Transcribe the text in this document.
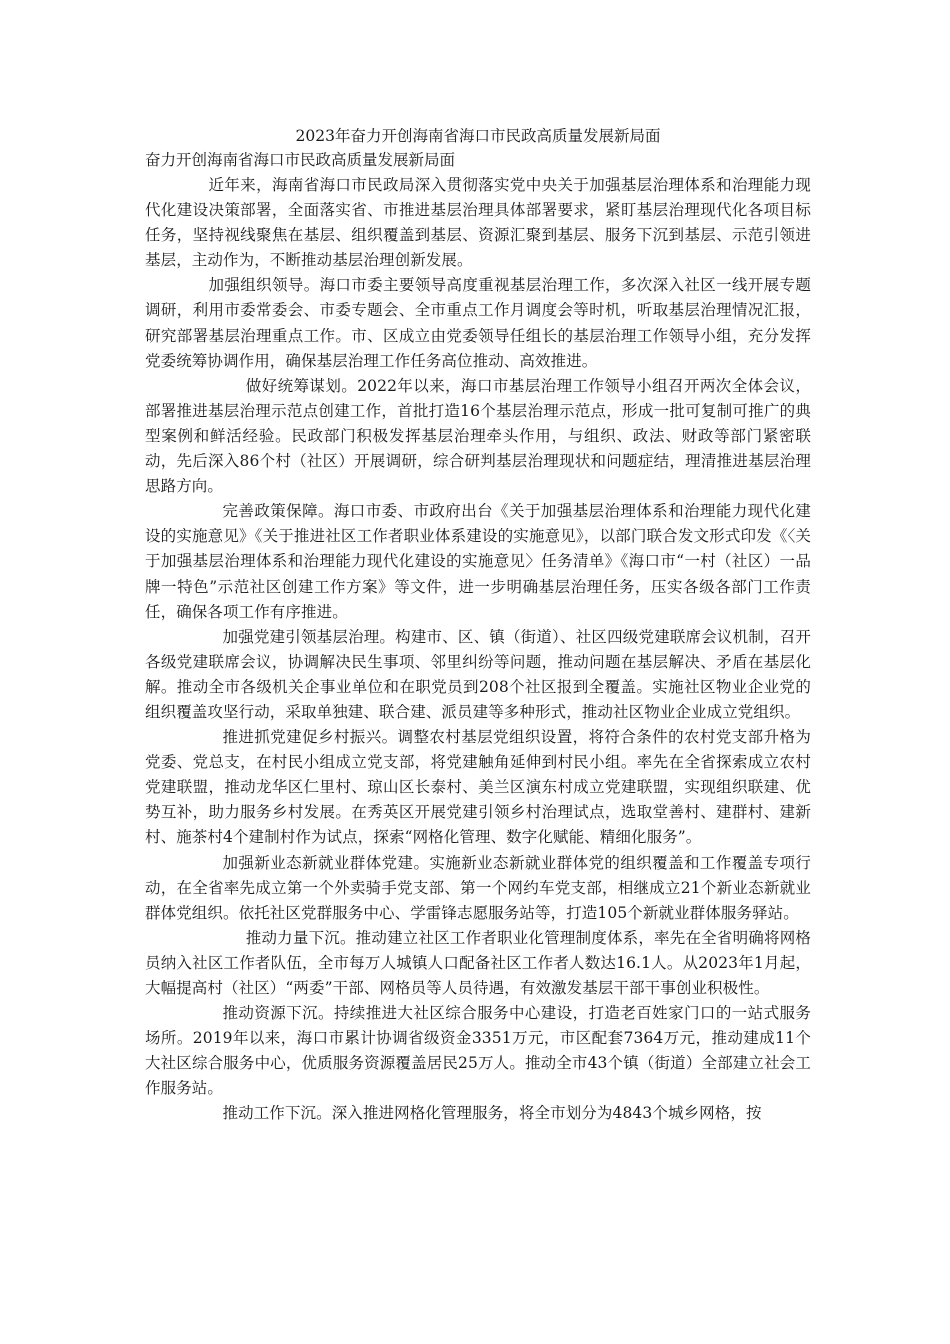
2023年奋力开创海南省海口市民政高质量发展新局面
奋力开创海南省海口市民政高质量发展新局面

近年来，海南省海口市民政局深入贯彻落实党中央关于加强基层治理体系和治理能力现代化建设决策部署，全面落实省、市推进基层治理具体部署要求，紧盯基层治理现代化各项目标任务，坚持视线聚焦在基层、组织覆盖到基层、资源汇聚到基层、服务下沉到基层、示范引领进基层，主动作为，不断推动基层治理创新发展。

加强组织领导。海口市委主要领导高度重视基层治理工作，多次深入社区一线开展专题调研，利用市委常委会、市委专题会、全市重点工作月调度会等时机，听取基层治理情况汇报，研究部署基层治理重点工作。市、区成立由党委领导任组长的基层治理工作领导小组，充分发挥党委统筹协调作用，确保基层治理工作任务高位推动、高效推进。

做好统筹谋划。2022年以来，海口市基层治理工作领导小组召开两次全体会议，部署推进基层治理示范点创建工作，首批打造16个基层治理示范点，形成一批可复制可推广的典型案例和鲜活经验。民政部门积极发挥基层治理牵头作用，与组织、政法、财政等部门紧密联动，先后深入86个村（社区）开展调研，综合研判基层治理现状和问题症结，理清推进基层治理思路方向。

完善政策保障。海口市委、市政府出台《关于加强基层治理体系和治理能力现代化建设的实施意见》《关于推进社区工作者职业体系建设的实施意见》，以部门联合发文形式印发《〈关于加强基层治理体系和治理能力现代化建设的实施意见〉任务清单》《海口市“一村（社区）一品牌一特色”示范社区创建工作方案》等文件，进一步明确基层治理任务，压实各级各部门工作责任，确保各项工作有序推进。

加强党建引领基层治理。构建市、区、镇（街道）、社区四级党建联席会议机制，召开各级党建联席会议，协调解决民生事项、邻里纠纷等问题，推动问题在基层解决、矛盾在基层化解。推动全市各级机关企事业单位和在职党员到208个社区报到全覆盖。实施社区物业企业党的组织覆盖攻坚行动，采取单独建、联合建、派员建等多种形式，推动社区物业企业成立党组织。

推进抓党建促乡村振兴。调整农村基层党组织设置，将符合条件的农村党支部升格为党委、党总支，在村民小组成立党支部，将党建触角延伸到村民小组。率先在全省探索成立农村党建联盟，推动龙华区仁里村、琼山区长泰村、美兰区演东村成立党建联盟，实现组织联建、优势互补，助力服务乡村发展。在秀英区开展党建引领乡村治理试点，选取堂善村、建群村、建新村、施茶村4个建制村作为试点，探索“网格化管理、数字化赋能、精细化服务”。

加强新业态新就业群体党建。实施新业态新就业群体党的组织覆盖和工作覆盖专项行动，在全省率先成立第一个外卖骑手党支部、第一个网约车党支部，相继成立21个新业态新就业群体党组织。依托社区党群服务中心、学雷锋志愿服务站等，打造105个新就业群体服务驿站。

推动力量下沉。推动建立社区工作者职业化管理制度体系，率先在全省明确将网格员纳入社区工作者队伍，全市每万人城镇人口配备社区工作者人数达16.1人。从2023年1月起，大幅提高村（社区）“两委”干部、网格员等人员待遇，有效激发基层干部干事创业积极性。

推动资源下沉。持续推进大社区综合服务中心建设，打造老百姓家门口的一站式服务场所。2019年以来，海口市累计协调省级资金3351万元，市区配套7364万元，推动建成11个大社区综合服务中心，优质服务资源覆盖居民25万人。推动全市43个镇（街道）全部建立社会工作服务站。

推动工作下沉。深入推进网格化管理服务，将全市划分为4843个城乡网格，按
